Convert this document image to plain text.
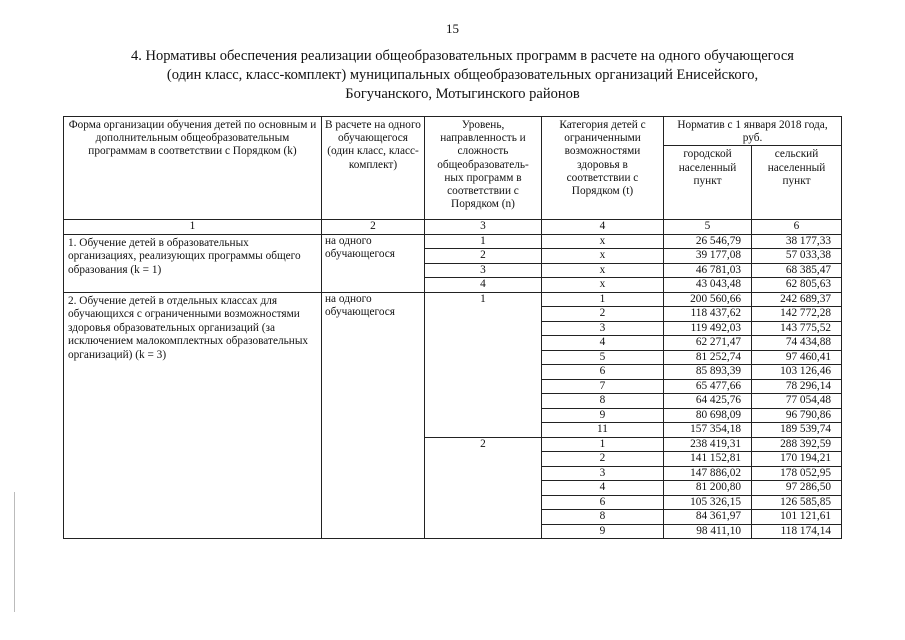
15
4. Нормативы обеспечения реализации общеобразовательных программ в расчете на одного обучающегося
(один класс, класс-комплект) муниципальных общеобразовательных организаций Енисейского,
Богучанского, Мотыгинского районов
Форма организации обучения детей по основным и дополнительным общеобразовательным программам в соответствии с Порядком (k)	В расчете на одного обучающегося (один класс, класс-комплект)	Уровень, направленность и сложность общеобразователь-ных программ в соответствии с Порядком (n)	Категория детей с ограниченными возможностями здоровья в соответствии с Порядком (t)	Норматив с 1 января 2018 года, руб.	
				городской населенный пункт	сельский населенный пункт
1	2	3	4	5	6
1. Обучение детей в образовательных организациях, реализующих программы общего образования (k = 1)	на одного обучающегося	1	x	26 546,79	38 177,33
		2	x	39 177,08	57 033,38
		3	x	46 781,03	68 385,47
		4	x	43 043,48	62 805,63
2. Обучение детей в отдельных классах для обучающихся с ограниченными возможностями здоровья образовательных организаций (за исключением малокомплектных образовательных организаций) (k = 3)	на одного обучающегося	1	1	200 560,66	242 689,37
			2	118 437,62	142 772,28
			3	119 492,03	143 775,52
			4	62 271,47	74 434,88
			5	81 252,74	97 460,41
			6	85 893,39	103 126,46
			7	65 477,66	78 296,14
			8	64 425,76	77 054,48
			9	80 698,09	96 790,86
			11	157 354,18	189 539,74
		2	1	238 419,31	288 392,59
			2	141 152,81	170 194,21
			3	147 886,02	178 052,95
			4	81 200,80	97 286,50
			6	105 326,15	126 585,85
			8	84 361,97	101 121,61
			9	98 411,10	118 174,14
